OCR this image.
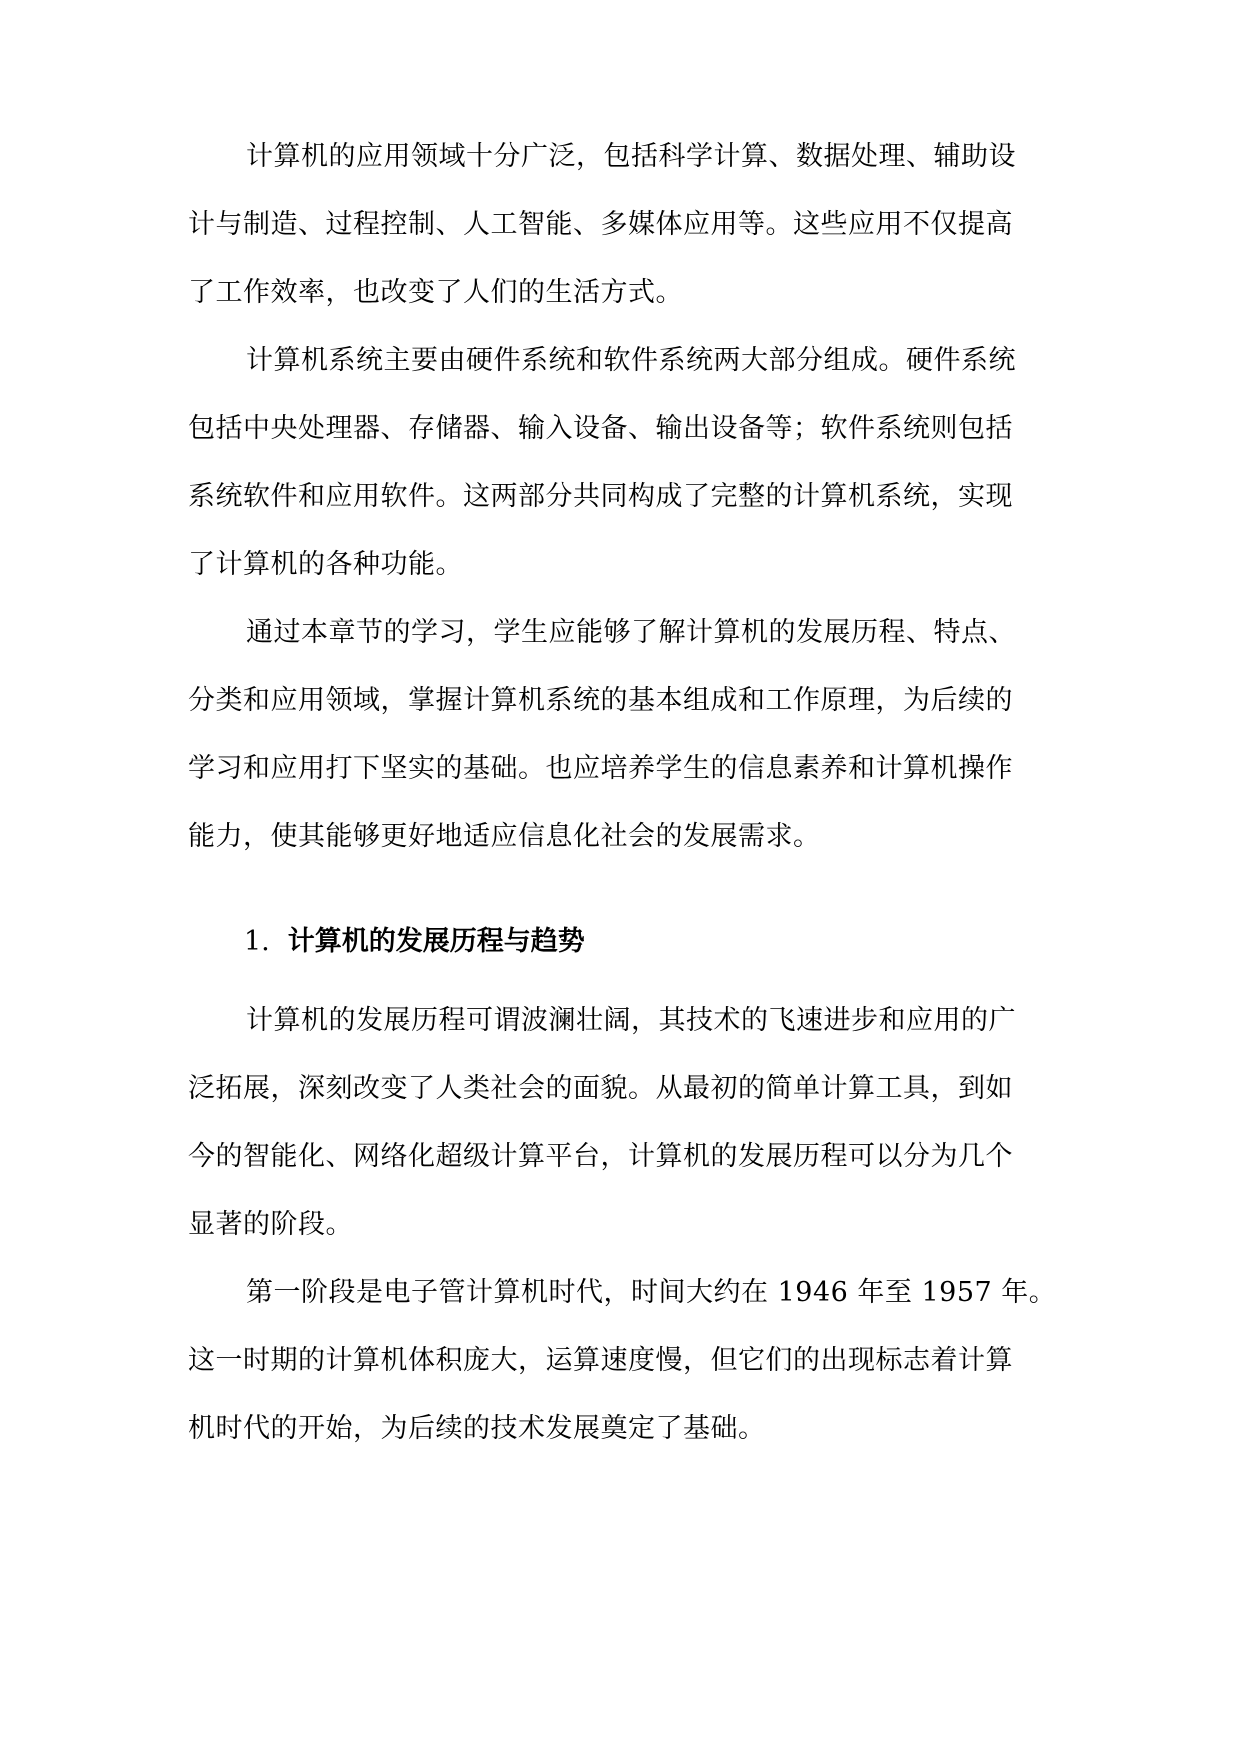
计算机的应用领域十分广泛，包括科学计算、数据处理、辅助设
计与制造、过程控制、人工智能、多媒体应用等。这些应用不仅提高
了工作效率，也改变了人们的生活方式。
计算机系统主要由硬件系统和软件系统两大部分组成。硬件系统
包括中央处理器、存储器、输入设备、输出设备等；软件系统则包括
系统软件和应用软件。这两部分共同构成了完整的计算机系统，实现
了计算机的各种功能。
通过本章节的学习，学生应能够了解计算机的发展历程、特点、
分类和应用领域，掌握计算机系统的基本组成和工作原理，为后续的
学习和应用打下坚实的基础。也应培养学生的信息素养和计算机操作
能力，使其能够更好地适应信息化社会的发展需求。
1. 计算机的发展历程与趋势
计算机的发展历程可谓波澜壮阔，其技术的飞速进步和应用的广
泛拓展，深刻改变了人类社会的面貌。从最初的简单计算工具，到如
今的智能化、网络化超级计算平台，计算机的发展历程可以分为几个
显著的阶段。
第一阶段是电子管计算机时代，时间大约在 1946 年至 1957 年。
这一时期的计算机体积庞大，运算速度慢，但它们的出现标志着计算
机时代的开始，为后续的技术发展奠定了基础。
